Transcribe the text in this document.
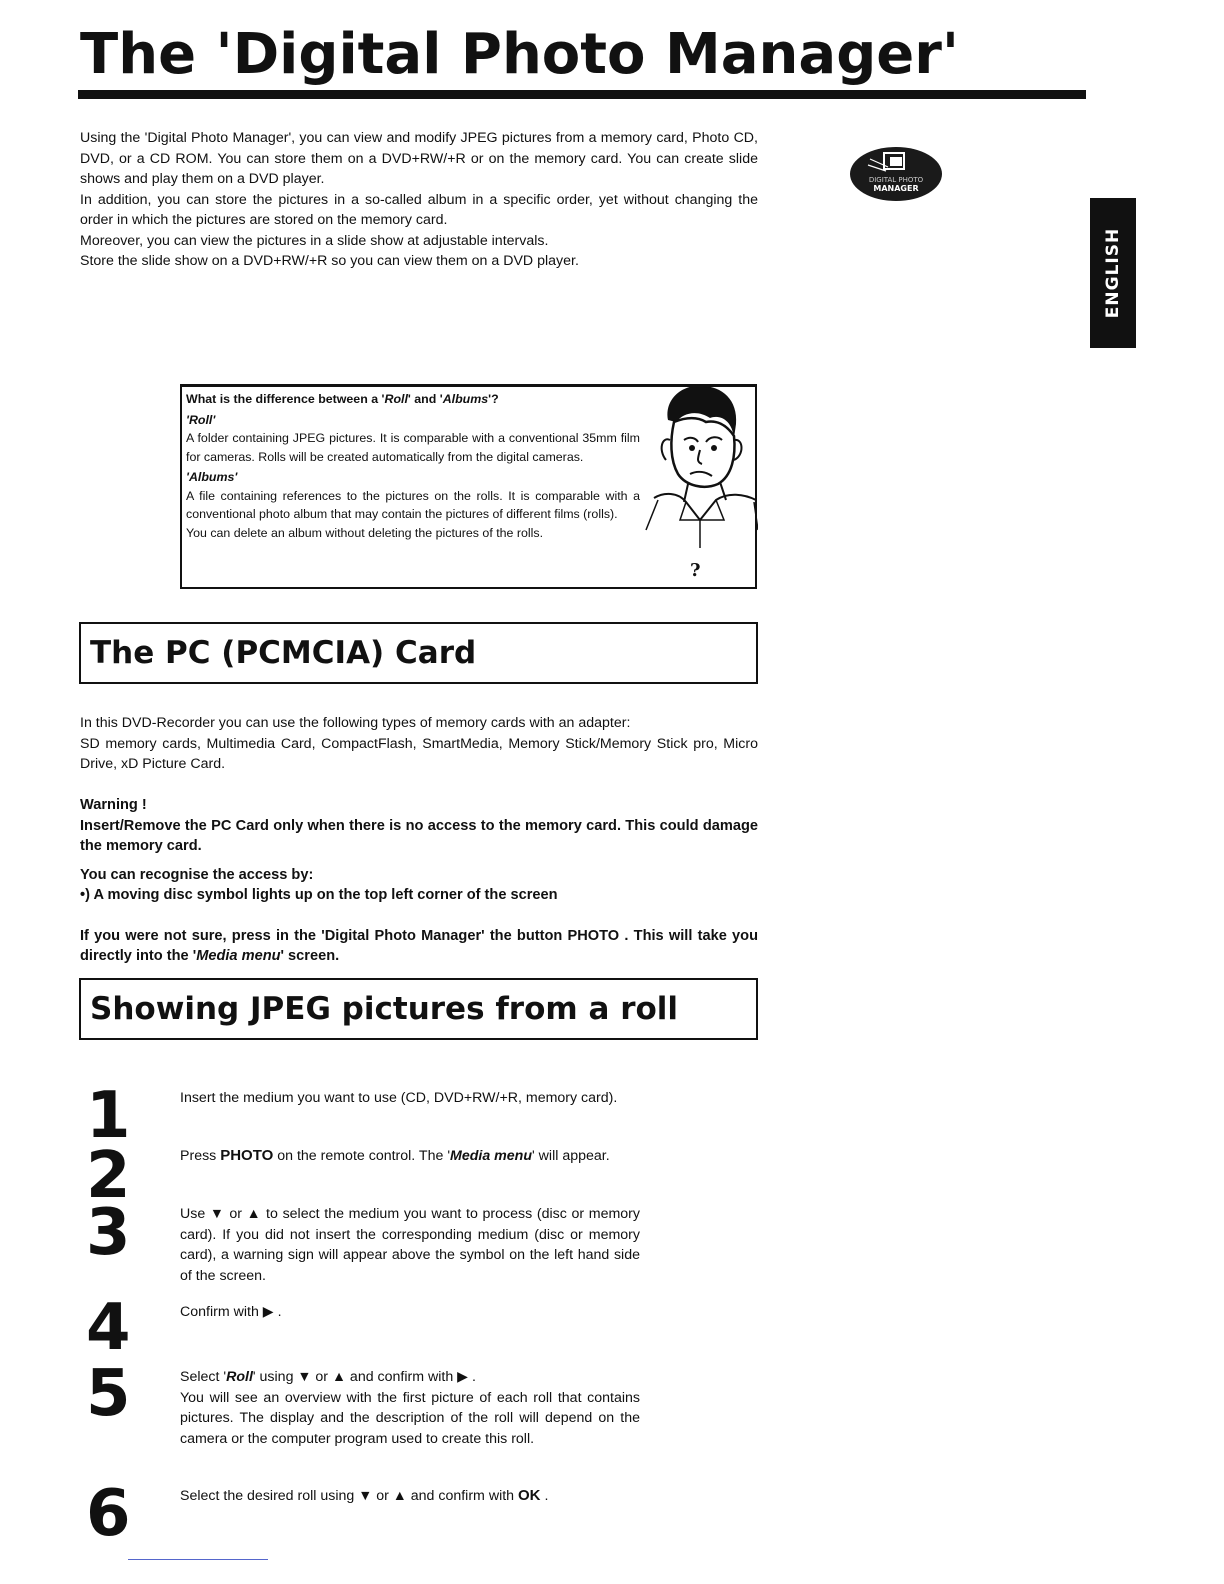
The 'Digital Photo Manager'

Using the 'Digital Photo Manager', you can view and modify JPEG pictures from a memory card, Photo CD, DVD, or a CD ROM. You can store them on a DVD+RW/+R or on the memory card. You can create slide shows and play them on a DVD player.

In addition, you can store the pictures in a so-called album in a specific order, yet without changing the order in which the pictures are stored on the memory card.

Moreover, you can view the pictures in a slide show at adjustable intervals.

Store the slide show on a DVD+RW/+R so you can view them on a DVD player.

DIGITAL PHOTO
MANAGER
ENGLISH

What is the difference between a 'Roll' and 'Albums'?

'Roll'

A folder containing JPEG pictures. It is comparable with a conventional 35mm film for cameras. Rolls will be created automatically from the digital cameras.

'Albums'

A file containing references to the pictures on the rolls. It is comparable with a conventional photo album that may contain the pictures of different films (rolls).

You can delete an album without deleting the pictures of the rolls.

?
The PC (PCMCIA) Card

In this DVD-Recorder you can use the following types of memory cards with an adapter:

SD memory cards, Multimedia Card, CompactFlash, SmartMedia, Memory Stick/Memory Stick pro, Micro Drive, xD Picture Card.

Warning !

Insert/Remove the PC Card only when there is no access to the memory card. This could damage the memory card.

You can recognise the access by:

•) A moving disc symbol lights up on the top left corner of the screen

If you were not sure, press in the 'Digital Photo Manager' the button PHOTO . This will take you directly into the 'Media menu' screen.

Showing JPEG pictures from a roll
1	Insert the medium you want to use (CD, DVD+RW/+R, memory card).

2	Press PHOTO on the remote control. The 'Media menu' will appear.

3	Use ▼ or ▲ to select the medium you want to process (disc or memory card). If you did not insert the corresponding medium (disc or memory card), a warning sign will appear above the symbol on the left hand side of the screen.

4	Confirm with ▶ .

5	Select 'Roll' using ▼ or ▲ and confirm with ▶ .

You will see an overview with the first picture of each roll that contains pictures. The display and the description of the roll will depend on the camera or the computer program used to create this roll.

6	Select the desired roll using ▼ or ▲ and confirm with OK .
